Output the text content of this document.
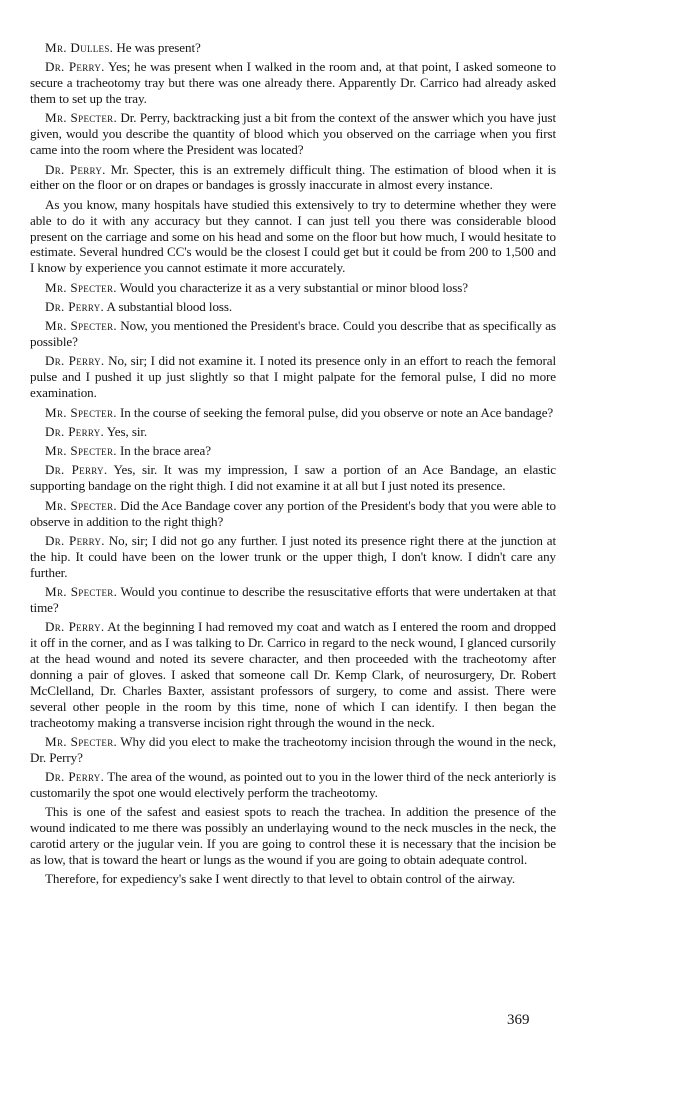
Mr. Dulles. He was present?

Dr. Perry. Yes; he was present when I walked in the room and, at that point, I asked someone to secure a tracheotomy tray but there was one already there. Apparently Dr. Carrico had already asked them to set up the tray.

Mr. Specter. Dr. Perry, backtracking just a bit from the context of the answer which you have just given, would you describe the quantity of blood which you observed on the carriage when you first came into the room where the President was located?

Dr. Perry. Mr. Specter, this is an extremely difficult thing. The estimation of blood when it is either on the floor or on drapes or bandages is grossly inaccurate in almost every instance.

As you know, many hospitals have studied this extensively to try to determine whether they were able to do it with any accuracy but they cannot. I can just tell you there was considerable blood present on the carriage and some on his head and some on the floor but how much, I would hesitate to estimate. Several hundred CC's would be the closest I could get but it could be from 200 to 1,500 and I know by experience you cannot estimate it more accurately.

Mr. Specter. Would you characterize it as a very substantial or minor blood loss?

Dr. Perry. A substantial blood loss.

Mr. Specter. Now, you mentioned the President's brace. Could you describe that as specifically as possible?

Dr. Perry. No, sir; I did not examine it. I noted its presence only in an effort to reach the femoral pulse and I pushed it up just slightly so that I might palpate for the femoral pulse, I did no more examination.

Mr. Specter. In the course of seeking the femoral pulse, did you observe or note an Ace bandage?

Dr. Perry. Yes, sir.

Mr. Specter. In the brace area?

Dr. Perry. Yes, sir. It was my impression, I saw a portion of an Ace Bandage, an elastic supporting bandage on the right thigh. I did not examine it at all but I just noted its presence.

Mr. Specter. Did the Ace Bandage cover any portion of the President's body that you were able to observe in addition to the right thigh?

Dr. Perry. No, sir; I did not go any further. I just noted its presence right there at the junction at the hip. It could have been on the lower trunk or the upper thigh, I don't know. I didn't care any further.

Mr. Specter. Would you continue to describe the resuscitative efforts that were undertaken at that time?

Dr. Perry. At the beginning I had removed my coat and watch as I entered the room and dropped it off in the corner, and as I was talking to Dr. Carrico in regard to the neck wound, I glanced cursorily at the head wound and noted its severe character, and then proceeded with the tracheotomy after donning a pair of gloves. I asked that someone call Dr. Kemp Clark, of neurosurgery, Dr. Robert McClelland, Dr. Charles Baxter, assistant professors of surgery, to come and assist. There were several other people in the room by this time, none of which I can identify. I then began the tracheotomy making a transverse incision right through the wound in the neck.

Mr. Specter. Why did you elect to make the tracheotomy incision through the wound in the neck, Dr. Perry?

Dr. Perry. The area of the wound, as pointed out to you in the lower third of the neck anteriorly is customarily the spot one would electively perform the tracheotomy.

This is one of the safest and easiest spots to reach the trachea. In addition the presence of the wound indicated to me there was possibly an underlaying wound to the neck muscles in the neck, the carotid artery or the jugular vein. If you are going to control these it is necessary that the incision be as low, that is toward the heart or lungs as the wound if you are going to obtain adequate control.

Therefore, for expediency's sake I went directly to that level to obtain control of the airway.

369
